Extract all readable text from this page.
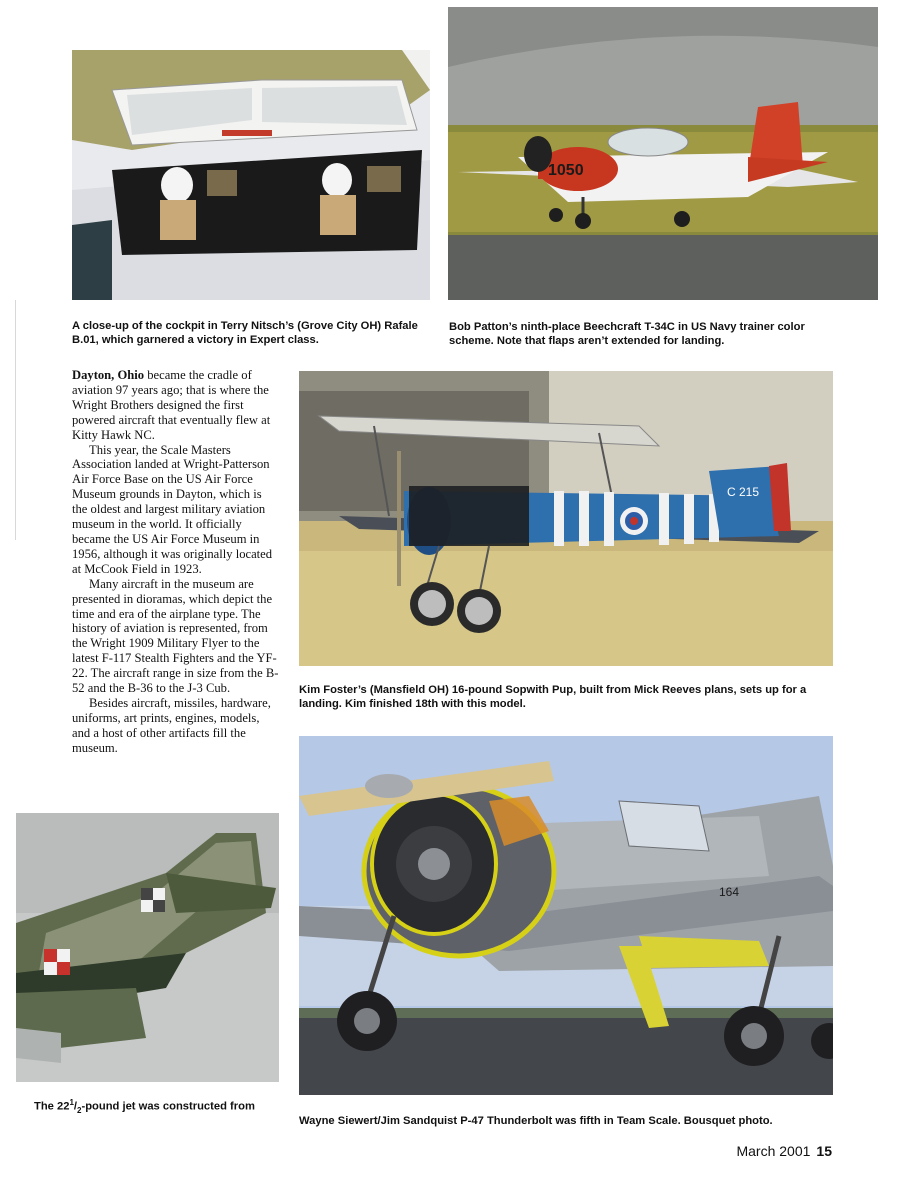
1050
A close-up of the cockpit in Terry Nitsch’s (Grove City OH) Rafale B.01, which garnered a victory in Expert class.
Bob Patton’s ninth-place Beechcraft T-34C in US Navy trainer color scheme. Note that flaps aren’t extended for landing.

Dayton, Ohio became the cradle of aviation 97 years ago; that is where the Wright Brothers designed the first powered aircraft that eventually flew at Kitty Hawk NC.

This year, the Scale Masters Association landed at Wright-Patterson Air Force Base on the US Air Force Museum grounds in Dayton, which is the oldest and largest military aviation museum in the world. It officially became the US Air Force Museum in 1956, although it was originally located at McCook Field in 1923.

Many aircraft in the museum are presented in dioramas, which depict the time and era of the airplane type. The history of aviation is represented, from the Wright 1909 Military Flyer to the latest F-117 Stealth Fighters and the YF-22. The aircraft range in size from the B-52 and the B-36 to the J-3 Cub.

Besides aircraft, missiles, hardware, uniforms, art prints, engines, models, and a host of other artifacts fill the museum.

C 215
Kim Foster’s (Mansfield OH) 16-pound Sopwith Pup, built from Mick Reeves plans, sets up for a landing. Kim finished 18th with this model.
The $22^1/_2$-pound jet was constructed from
164
Wayne Siewert/Jim Sandquist P-47 Thunderbolt was fifth in Team Scale. Bousquet photo.
March 2001 15
